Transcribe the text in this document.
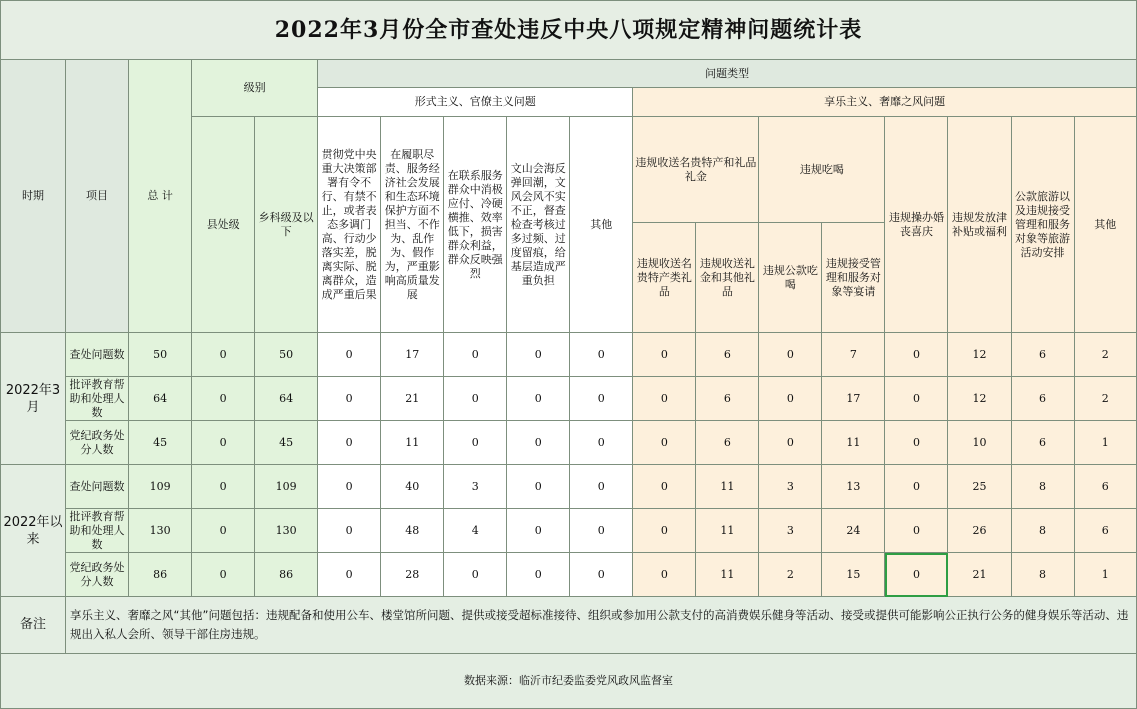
2022年3月份全市查处违反中央八项规定精神问题统计表																	
时期	项目	总 计	级别		问题类型												
					形式主义、官僚主义问题					享乐主义、奢靡之风问题							
			县处级	乡科级及以下	贯彻党中央重大决策部署有令不行、有禁不止，或者表态多调门高、行动少落实差，脱离实际、脱离群众，造成严重后果	在履职尽责、服务经济社会发展和生态环境保护方面不担当、不作为、乱作为、假作为，严重影响高质量发展	在联系服务群众中消极应付、冷硬横推、效率低下，损害群众利益，群众反映强烈	文山会海反弹回潮，文风会风不实不正，督查检查考核过多过频、过度留痕，给基层造成严重负担	其他	违规收送名贵特产和礼品礼金		违规吃喝		违规操办婚丧喜庆	违规发放津补贴或福利	公款旅游以及违规接受管理和服务对象等旅游活动安排	其他
										违规收送名贵特产类礼品	违规收送礼金和其他礼品	违规公款吃喝	违规接受管理和服务对象等宴请				
2022年3月	查处问题数	50	0	50	0	17	0	0	0	0	6	0	7	0	12	6	2
	批评教育帮助和处理人数	64	0	64	0	21	0	0	0	0	6	0	17	0	12	6	2
	党纪政务处分人数	45	0	45	0	11	0	0	0	0	6	0	11	0	10	6	1
2022年以来	查处问题数	109	0	109	0	40	3	0	0	0	11	3	13	0	25	8	6
	批评教育帮助和处理人数	130	0	130	0	48	4	0	0	0	11	3	24	0	26	8	6
	党纪政务处分人数	86	0	86	0	28	0	0	0	0	11	2	15	0	21	8	1
备注	享乐主义、奢靡之风“其他”问题包括：违规配备和使用公车、楼堂馆所问题、提供或接受超标准接待、组织或参加用公款支付的高消费娱乐健身等活动、接受或提供可能影响公正执行公务的健身娱乐等活动、违规出入私人会所、领导干部住房违规。																
数据来源：临沂市纪委监委党风政风监督室																	
